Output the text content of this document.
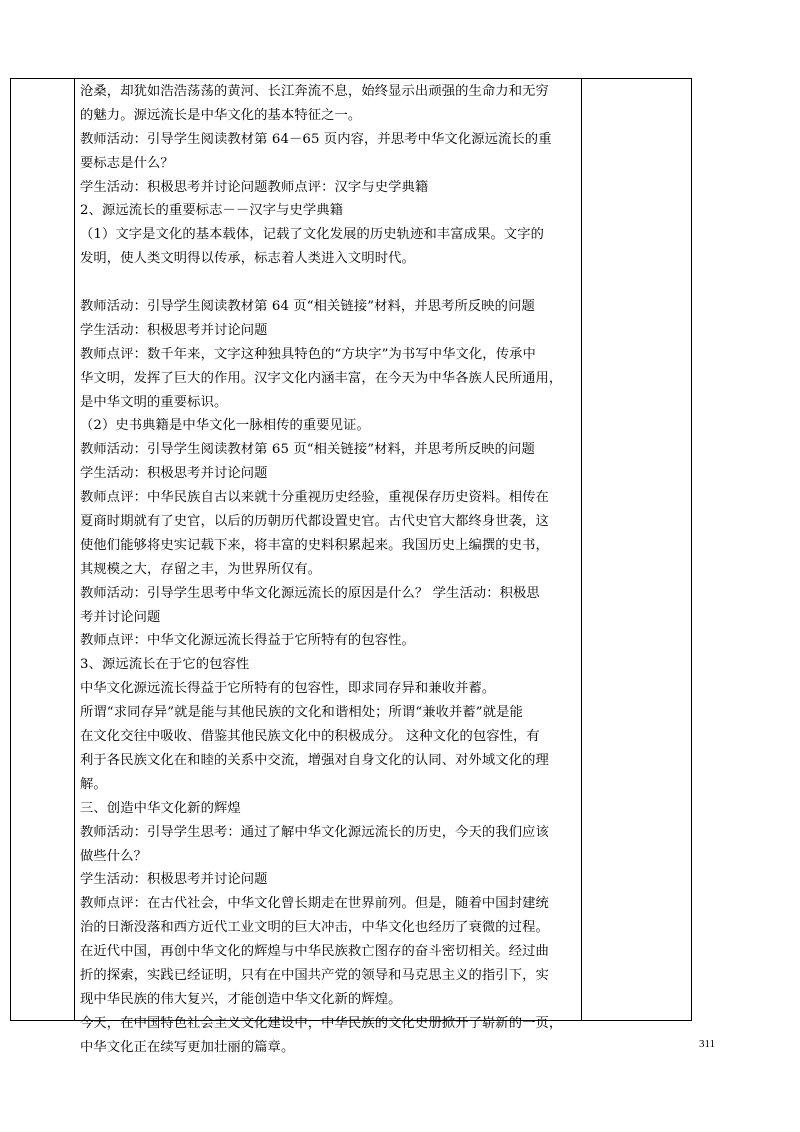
沧桑，却犹如浩浩荡荡的黄河、长江奔流不息，始终显示出顽强的生命力和无穷
的魅力。源远流长是中华文化的基本特征之一。
教师活动：引导学生阅读教材第 64－65 页内容，并思考中华文化源远流长的重
要标志是什么？
学生活动：积极思考并讨论问题教师点评：汉字与史学典籍
2、源远流长的重要标志－－汉字与史学典籍
（1）文字是文化的基本载体，记载了文化发展的历史轨迹和丰富成果。文字的
发明，使人类文明得以传承，标志着人类进入文明时代。
教师活动：引导学生阅读教材第 64 页“相关链接”材料，并思考所反映的问题
学生活动：积极思考并讨论问题
教师点评：数千年来，文字这种独具特色的“方块字”为书写中华文化，传承中
华文明，发挥了巨大的作用。汉字文化内涵丰富，在今天为中华各族人民所通用，
是中华文明的重要标识。
（2）史书典籍是中华文化一脉相传的重要见证。
教师活动：引导学生阅读教材第 65 页“相关链接”材料，并思考所反映的问题
学生活动：积极思考并讨论问题
教师点评：中华民族自古以来就十分重视历史经验，重视保存历史资料。相传在
夏商时期就有了史官，以后的历朝历代都设置史官。古代史官大都终身世袭，这
使他们能够将史实记载下来，将丰富的史料积累起来。我国历史上编撰的史书，
其规模之大，存留之丰，为世界所仅有。
教师活动：引导学生思考中华文化源远流长的原因是什么？ 学生活动：积极思
考并讨论问题
教师点评：中华文化源远流长得益于它所特有的包容性。
3、源远流长在于它的包容性
中华文化源远流长得益于它所特有的包容性，即求同存异和兼收并蓄。
所谓“求同存异”就是能与其他民族的文化和谐相处；所谓“兼收并蓄”就是能
在文化交往中吸收、借鉴其他民族文化中的积极成分。 这种文化的包容性，有
利于各民族文化在和睦的关系中交流，增强对自身文化的认同、对外域文化的理
解。
三、创造中华文化新的辉煌
教师活动：引导学生思考：通过了解中华文化源远流长的历史，今天的我们应该
做些什么？
学生活动：积极思考并讨论问题
教师点评：在古代社会，中华文化曾长期走在世界前列。但是，随着中国封建统
治的日渐没落和西方近代工业文明的巨大冲击，中华文化也经历了衰微的过程。
在近代中国，再创中华文化的辉煌与中华民族救亡图存的奋斗密切相关。经过曲
折的探索，实践已经证明，只有在中国共产党的领导和马克思主义的指引下，实
现中华民族的伟大复兴，才能创造中华文化新的辉煌。
今天，在中国特色社会主义文化建设中，中华民族的文化史册掀开了崭新的一页，
中华文化正在续写更加壮丽的篇章。	311
